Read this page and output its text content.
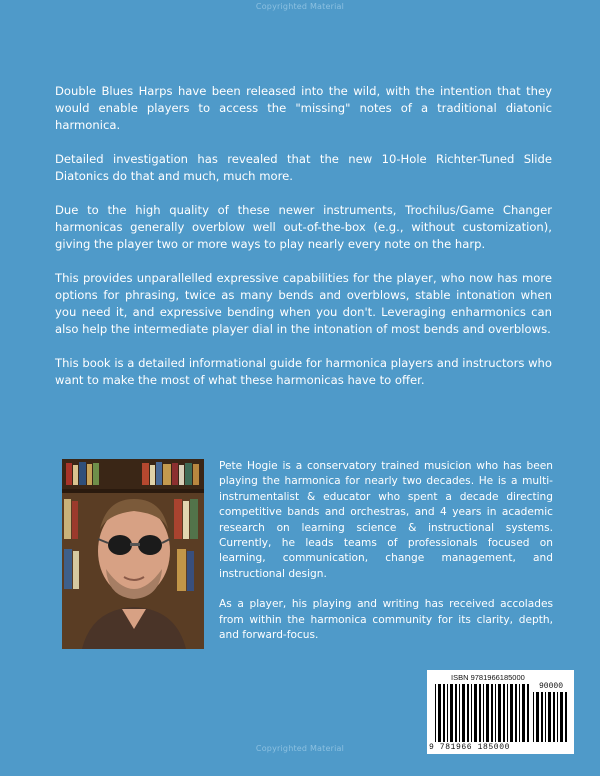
Copyrighted Material

Double Blues Harps have been released into the wild, with the intention that they would enable players to access the "missing" notes of a traditional diatonic harmonica.

Detailed investigation has revealed that the new 10-Hole Richter-Tuned Slide Diatonics do that and much, much more.

Due to the high quality of these newer instruments, Trochilus/Game Changer harmonicas generally overblow well out-of-the-box (e.g., without customization), giving the player two or more ways to play nearly every note on the harp.

This provides unparallelled expressive capabilities for the player, who now has more options for phrasing, twice as many bends and overblows, stable intonation when you need it, and expressive bending when you don't. Leveraging enharmonics can also help the intermediate player dial in the intonation of most bends and overblows.

This book is a detailed informational guide for harmonica players and instructors who want to make the most of what these harmonicas have to offer.

Pete Hogie is a conservatory trained musicion who has been playing the harmonica for nearly two decades. He is a multi-instrumentalist & educator who spent a decade directing competitive bands and orchestras, and 4 years in academic research on learning science & instructional systems. Currently, he leads teams of professionals focused on learning, communication, change management, and instructional design.

As a player, his playing and writing has received accolades from within the harmonica community for its clarity, depth, and forward-focus.

ISBN 9781966185000
90000
9 781966 185000
Copyrighted Material
